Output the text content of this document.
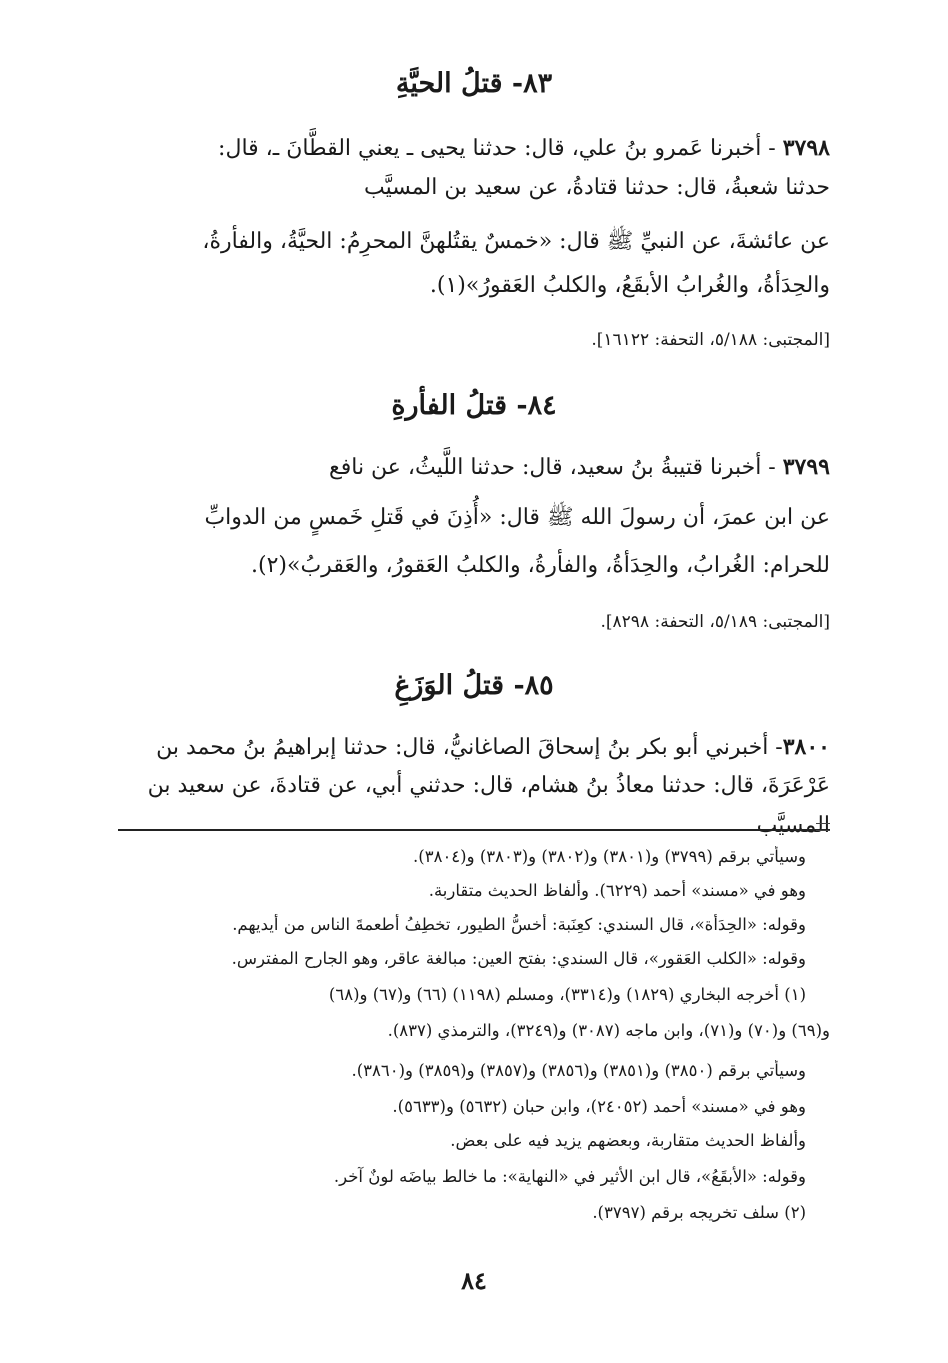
٨٣- قتلُ الحيَّةِ
٣٧٩٨ - أخبرنا عَمرو بنُ علي، قال: حدثنا يحيى ـ يعني القطَّانَ ـ، قال:
حدثنا شعبةُ، قال: حدثنا قتادةُ، عن سعيد بن المسيَّب
عن عائشةَ، عن النبيِّ ﷺ قال: «خمسٌ يقتُلهنَّ المحرِمُ: الحيَّةُ، والفأرةُ،
والحِدَأةُ، والغُرابُ الأبقَعُ، والكلبُ العَقورُ»(١).
[المجتبى: ٥/١٨٨، التحفة: ١٦١٢٢].
٨٤- قتلُ الفأرةِ
٣٧٩٩ - أخبرنا قتيبةُ بنُ سعيد، قال: حدثنا اللَّيثُ، عن نافع
عن ابن عمرَ، أن رسولَ الله ﷺ قال: «أُذِنَ في قَتلِ خَمسٍ من الدوابِّ
للحرام: الغُرابُ، والحِدَأةُ، والفأرةُ، والكلبُ العَقورُ، والعَقربُ»(٢).
[المجتبى: ٥/١٨٩، التحفة: ٨٢٩٨].
٨٥- قتلُ الوَزَغِ
٣٨٠٠- أخبرني أبو بكر بنُ إسحاقَ الصاغانيُّ، قال: حدثنا إبراهيمُ بنُ محمد بن
عَرْعَرَةَ، قال: حدثنا معاذُ بنُ هشام، قال: حدثني أبي، عن قتادةَ، عن سعيد بن المسيَّب
وسيأتي برقم (٣٧٩٩) و(٣٨٠١) و(٣٨٠٢) و(٣٨٠٣) و(٣٨٠٤).
وهو في «مسند» أحمد (٦٢٢٩). وألفاظ الحديث متقاربة.
وقوله: «الحِدَأة»، قال السندي: كعِنَبة: أخسُّ الطيور، تخطِفُ أطعمةَ الناس من أيديهم.
وقوله: «الكلب العَقور»، قال السندي: بفتح العين: مبالغة عاقر، وهو الجارح المفترس.
(١) أخرجه البخاري (١٨٢٩) و(٣٣١٤)، ومسلم (١١٩٨) (٦٦) و(٦٧) و(٦٨)
و(٦٩) و(٧٠) و(٧١)، وابن ماجه (٣٠٨٧) و(٣٢٤٩)، والترمذي (٨٣٧).
وسيأتي برقم (٣٨٥٠) و(٣٨٥١) و(٣٨٥٦) و(٣٨٥٧) و(٣٨٥٩) و(٣٨٦٠).
وهو في «مسند» أحمد (٢٤٠٥٢)، وابن حبان (٥٦٣٢) و(٥٦٣٣).
وألفاظ الحديث متقاربة، وبعضهم يزيد فيه على بعض.
وقوله: «الأبقَعُ»، قال ابن الأثير في «النهاية»: ما خالط بياضَه لونٌ آخر.
(٢) سلف تخريجه برقم (٣٧٩٧).
٨٤
